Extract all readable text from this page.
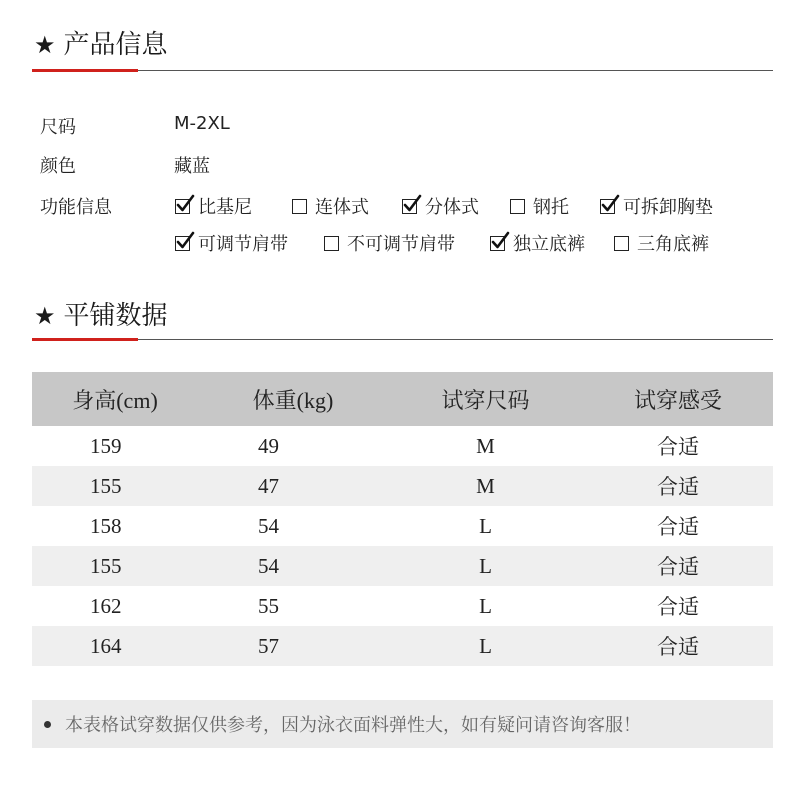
★ 产品信息
尺码	M-2XL
颜色	藏蓝
功能信息	比基尼	连体式	分体式	钢托	可拆卸胸垫
可调节肩带	不可调节肩带	独立底裤	三角底裤
★ 平铺数据
身高(cm)	体重(kg)	试穿尺码	试穿感受
159	49	M	合适
155	47	M	合适
158	54	L	合适
155	54	L	合适
162	55	L	合适
164	57	L	合适
本表格试穿数据仅供参考，因为泳衣面料弹性大，如有疑问请咨询客服！
